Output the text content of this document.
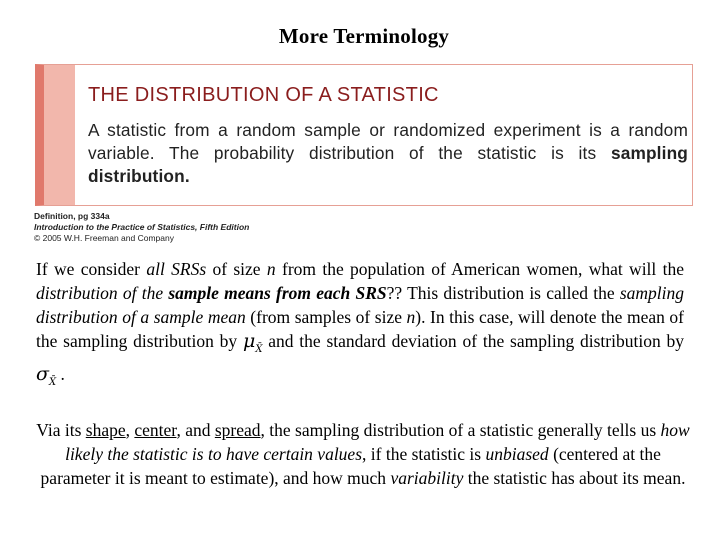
More Terminology
THE DISTRIBUTION OF A STATISTIC
A statistic from a random sample or randomized experiment is a random variable. The probability distribution of the statistic is its sampling distribution.
Definition, pg 334a
Introduction to the Practice of Statistics, Fifth Edition
© 2005 W.H. Freeman and Company
If we consider all SRSs of size n from the population of American women, what will the distribution of the sample means from each SRS?? This distribution is called the sampling distribution of a sample mean (from samples of size n). In this case, will denote the mean of the sampling distribution by $\mu_{X̄}$ and the standard deviation of the sampling distribution by $\sigma_{X̄}$ .
Via its shape, center, and spread, the sampling distribution of a statistic generally tells us how likely the statistic is to have certain values, if the statistic is unbiased (centered at the parameter it is meant to estimate), and how much variability the statistic has about its mean.
